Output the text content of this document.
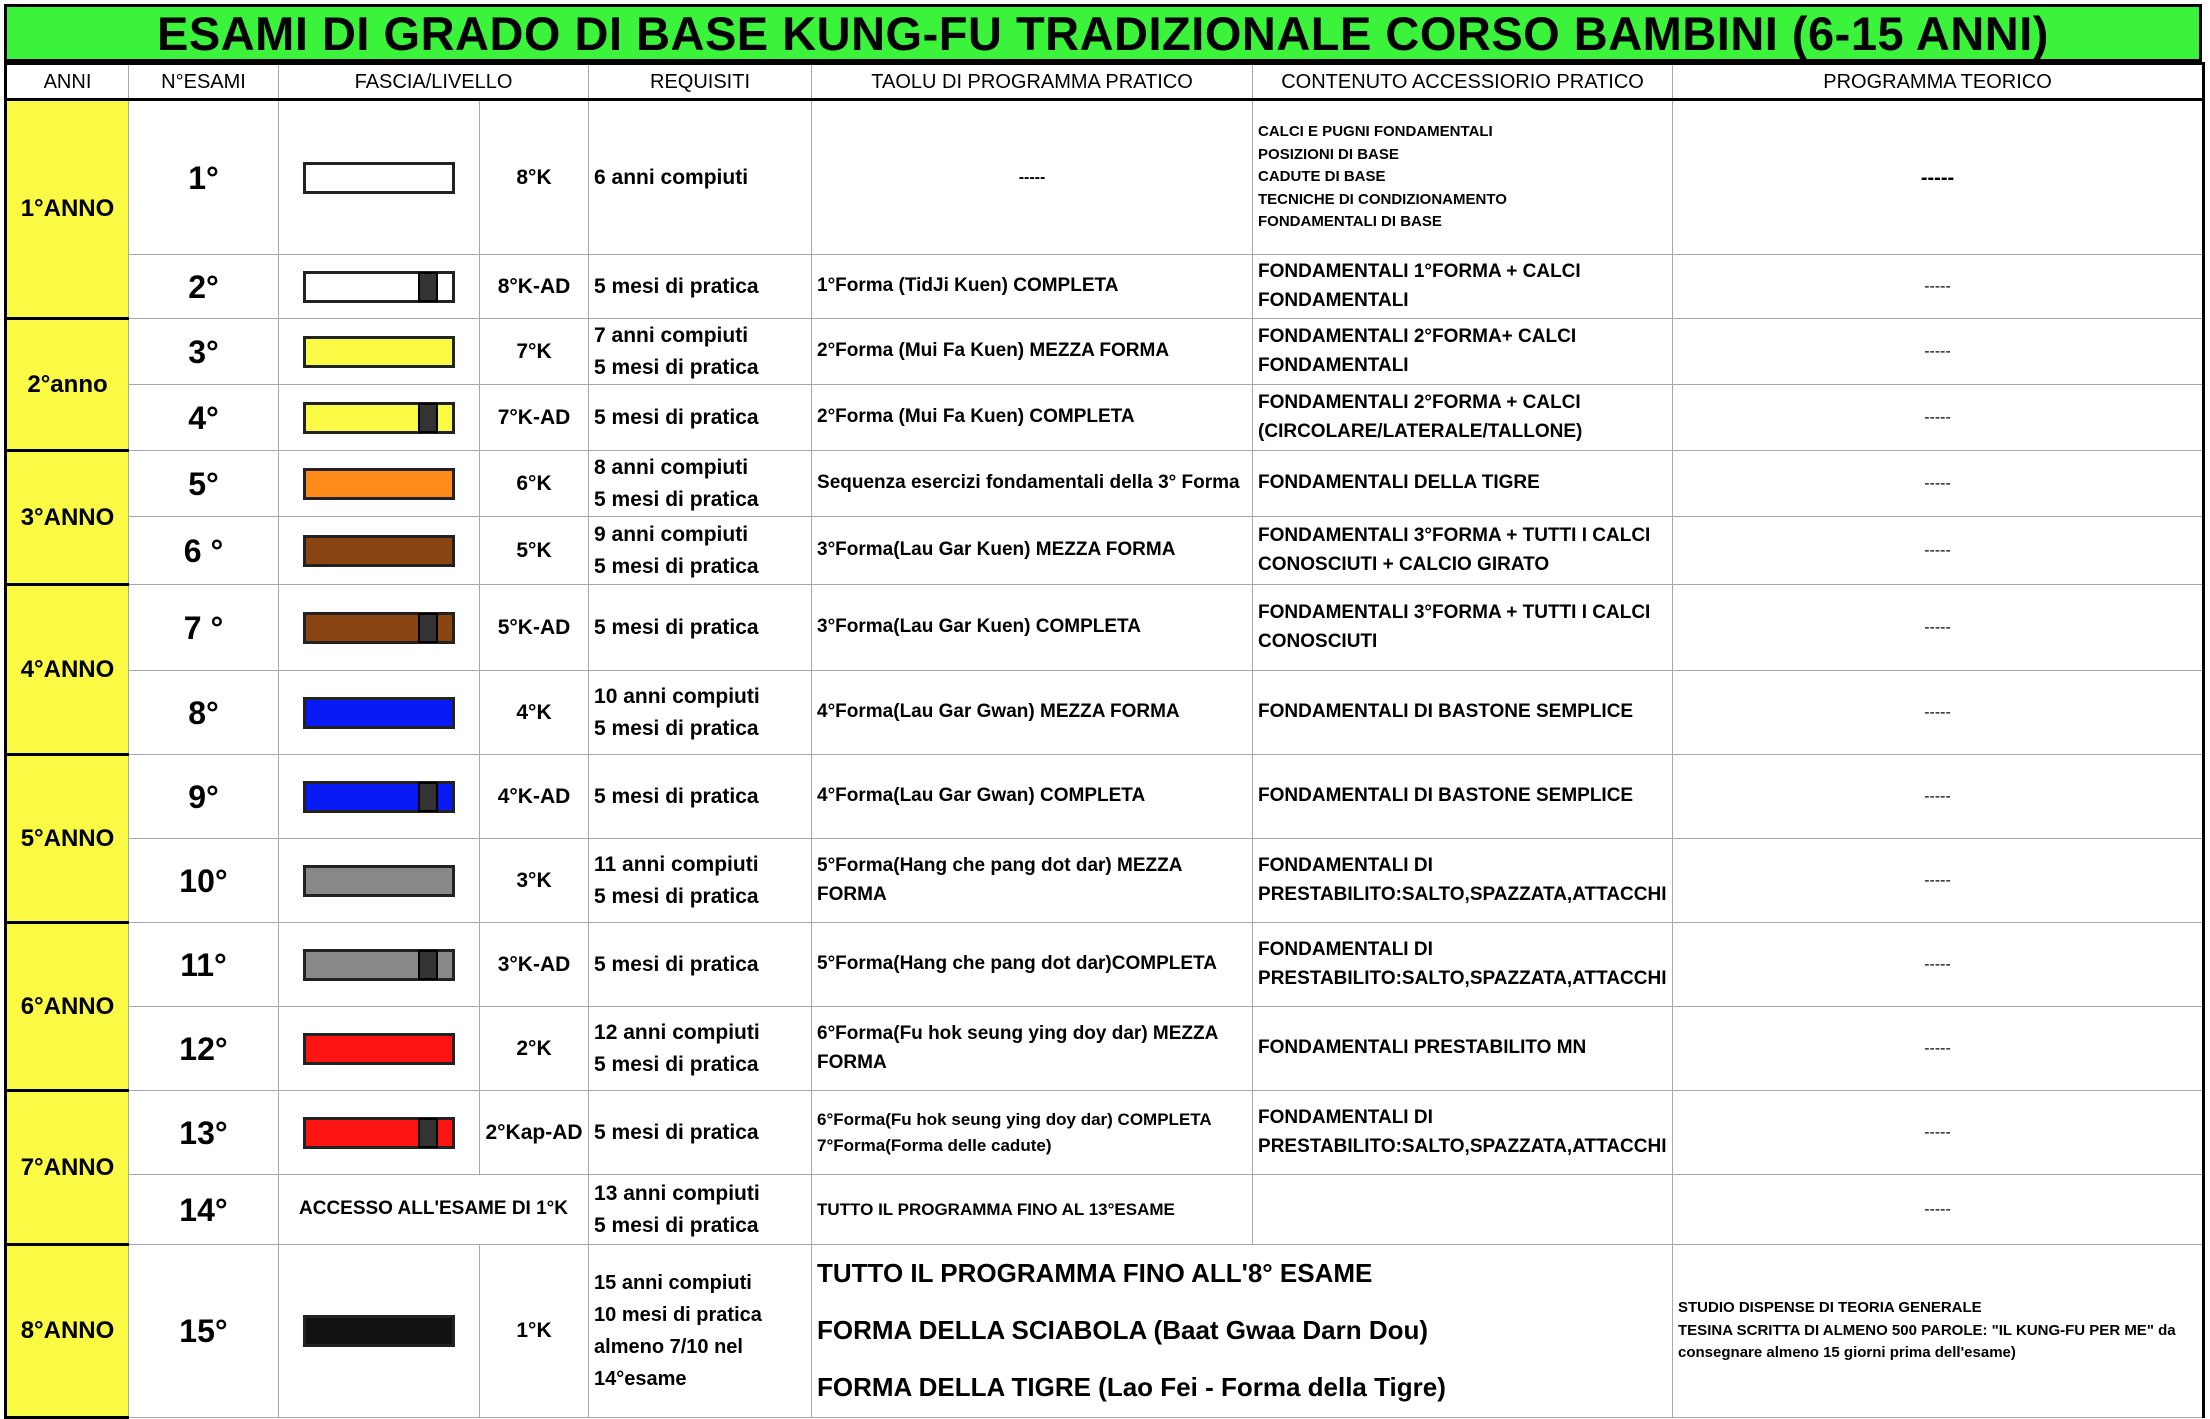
ESAMI DI GRADO DI BASE KUNG-FU TRADIZIONALE CORSO BAMBINI (6-15 ANNI)
ANNI	N°ESAMI	FASCIA/LIVELLO		REQUISITI	TAOLU DI PROGRAMMA PRATICO	CONTENUTO ACCESSIORIO PRATICO	PROGRAMMA TEORICO
1°ANNO	1°		8°K	6 anni compiuti	-----	CALCI E PUGNI FONDAMENTALI
POSIZIONI DI BASE
CADUTE DI BASE
TECNICHE DI CONDIZIONAMENTO
FONDAMENTALI DI BASE	-----
	2°		8°K-AD	5 mesi di pratica	1°Forma (TidJi Kuen) COMPLETA	FONDAMENTALI 1°FORMA + CALCI
FONDAMENTALI	-----
2°anno	3°		7°K	7 anni compiuti
5 mesi di pratica	2°Forma (Mui Fa Kuen) MEZZA FORMA	FONDAMENTALI 2°FORMA+ CALCI
FONDAMENTALI	-----
	4°		7°K-AD	5 mesi di pratica	2°Forma (Mui Fa Kuen) COMPLETA	FONDAMENTALI 2°FORMA + CALCI
(CIRCOLARE/LATERALE/TALLONE)	-----
3°ANNO	5°		6°K	8 anni compiuti
5 mesi di pratica	Sequenza esercizi fondamentali della 3° Forma	FONDAMENTALI DELLA TIGRE	-----
	6 °		5°K	9 anni compiuti
5 mesi di pratica	3°Forma(Lau Gar Kuen) MEZZA FORMA	FONDAMENTALI 3°FORMA + TUTTI I CALCI
CONOSCIUTI + CALCIO GIRATO	-----
4°ANNO	7 °		5°K-AD	5 mesi di pratica	3°Forma(Lau Gar Kuen) COMPLETA	FONDAMENTALI 3°FORMA + TUTTI I CALCI
CONOSCIUTI	-----
	8°		4°K	10 anni compiuti
5 mesi di pratica	4°Forma(Lau Gar Gwan) MEZZA FORMA	FONDAMENTALI DI BASTONE SEMPLICE	-----
5°ANNO	9°		4°K-AD	5 mesi di pratica	4°Forma(Lau Gar Gwan) COMPLETA	FONDAMENTALI DI BASTONE SEMPLICE	-----
	10°		3°K	11 anni compiuti
5 mesi di pratica	5°Forma(Hang che pang dot dar) MEZZA
FORMA	FONDAMENTALI DI
PRESTABILITO:SALTO,SPAZZATA,ATTACCHI	-----
6°ANNO	11°		3°K-AD	5 mesi di pratica	5°Forma(Hang che pang dot dar)COMPLETA	FONDAMENTALI DI
PRESTABILITO:SALTO,SPAZZATA,ATTACCHI	-----
	12°		2°K	12 anni compiuti
5 mesi di pratica	6°Forma(Fu hok seung ying doy dar) MEZZA
FORMA	FONDAMENTALI PRESTABILITO MN	-----
7°ANNO	13°		2°Kap-AD	5 mesi di pratica	6°Forma(Fu hok seung ying doy dar) COMPLETA
7°Forma(Forma delle cadute)	FONDAMENTALI DI
PRESTABILITO:SALTO,SPAZZATA,ATTACCHI	-----
	14°	ACCESSO ALL'ESAME DI 1°K		13 anni compiuti
5 mesi di pratica	TUTTO IL PROGRAMMA FINO AL 13°ESAME		-----
8°ANNO	15°		1°K	15 anni compiuti
10 mesi di pratica
almeno 7/10 nel
14°esame	TUTTO IL PROGRAMMA FINO ALL'8° ESAME
FORMA DELLA SCIABOLA (Baat Gwaa Darn Dou)
FORMA DELLA TIGRE (Lao Fei - Forma della Tigre)		STUDIO DISPENSE DI TEORIA GENERALE
TESINA SCRITTA DI ALMENO 500 PAROLE: "IL KUNG-FU PER ME" da
consegnare almeno 15 giorni prima dell'esame)
